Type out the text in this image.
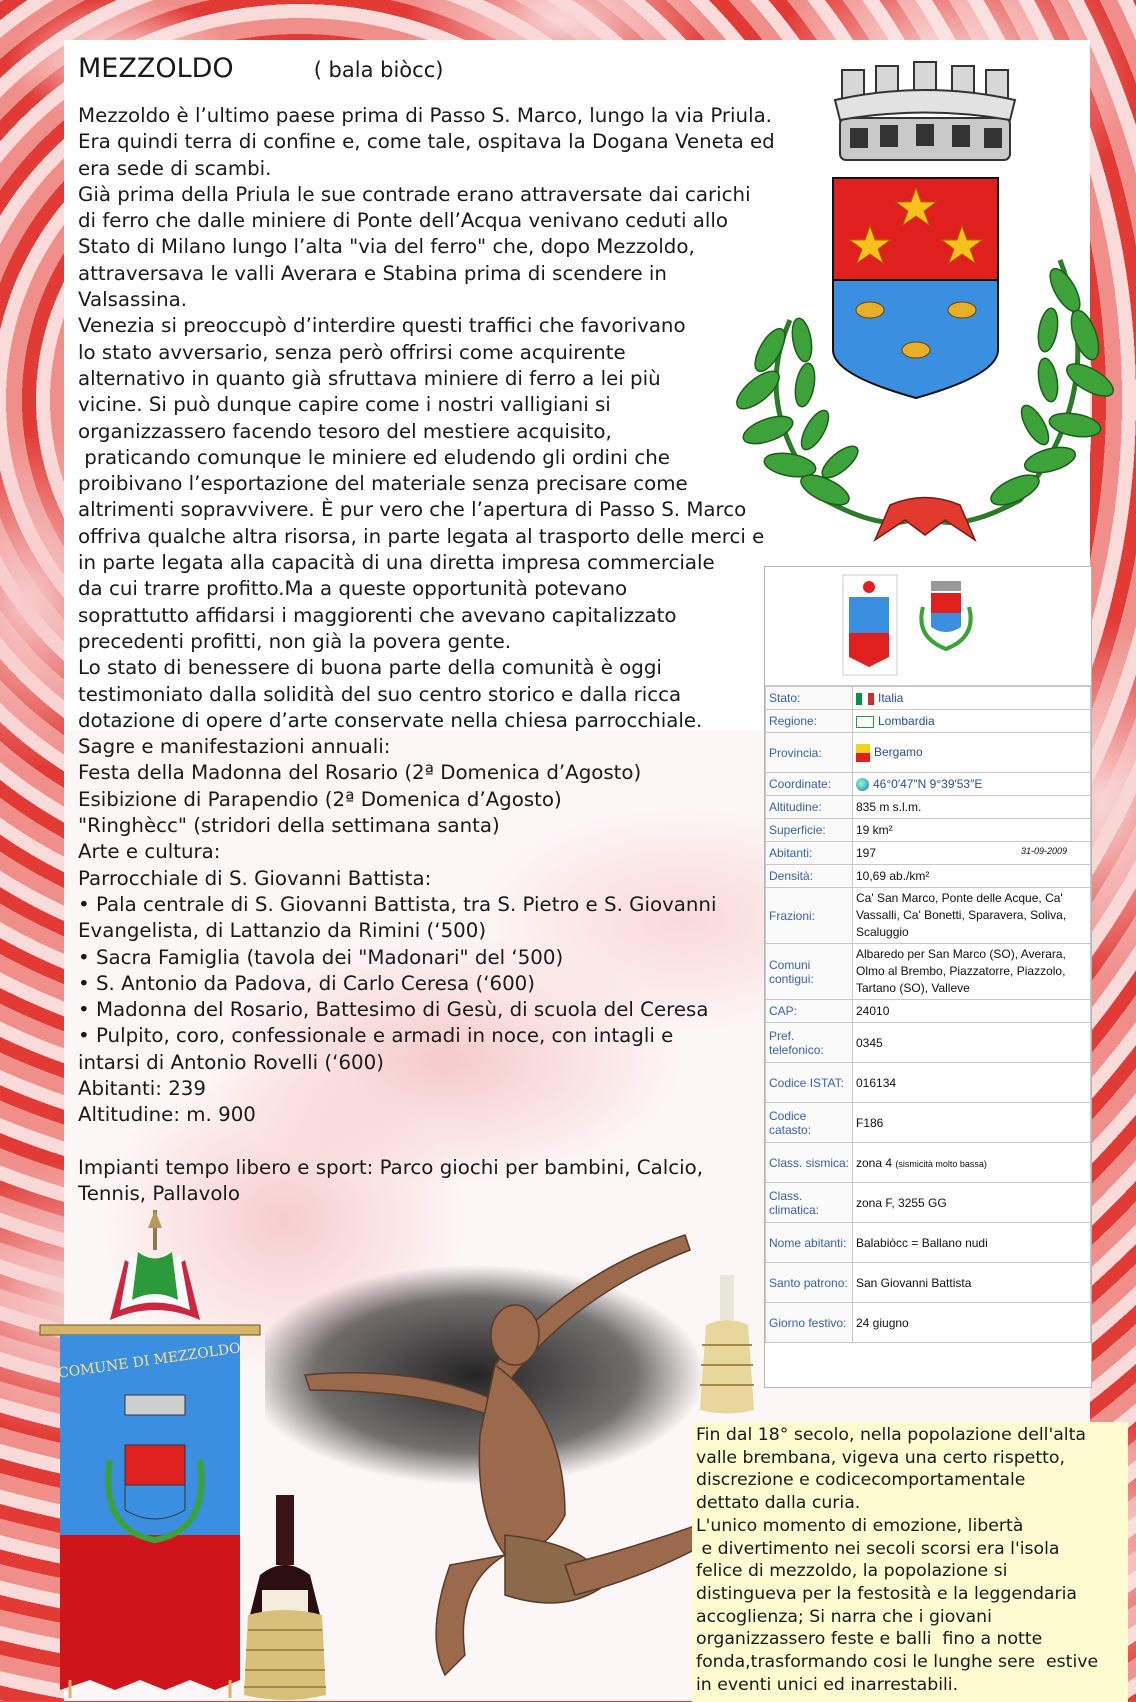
MEZZOLDO	( bala biòcc)

Mezzoldo è l’ultimo paese prima di Passo S. Marco, lungo la via Priula.
Era quindi terra di confine e, come tale, ospitava la Dogana Veneta ed
era sede di scambi.
Già prima della Priula le sue contrade erano attraversate dai carichi
di ferro che dalle miniere di Ponte dell’Acqua venivano ceduti allo
Stato di Milano lungo l’alta "via del ferro" che, dopo Mezzoldo,
attraversava le valli Averara e Stabina prima di scendere in
Valsassina.
Venezia si preoccupò d’interdire questi traffici che favorivano
lo stato avversario, senza però offrirsi come acquirente
alternativo in quanto già sfruttava miniere di ferro a lei più
vicine. Si può dunque capire come i nostri valligiani si
organizzassero facendo tesoro del mestiere acquisito,
praticando comunque le miniere ed eludendo gli ordini che
proibivano l’esportazione del materiale senza precisare come
altrimenti sopravvivere. È pur vero che l’apertura di Passo S. Marco
offriva qualche altra risorsa, in parte legata al trasporto delle merci e
in parte legata alla capacità di una diretta impresa commerciale
da cui trarre profitto.Ma a queste opportunità potevano
soprattutto affidarsi i maggiorenti che avevano capitalizzato
precedenti profitti, non già la povera gente.
Lo stato di benessere di buona parte della comunità è oggi
testimoniato dalla solidità del suo centro storico e dalla ricca
dotazione di opere d’arte conservate nella chiesa parrocchiale.
Sagre e manifestazioni annuali:
Festa della Madonna del Rosario (2ª Domenica d’Agosto)
Esibizione di Parapendio (2ª Domenica d’Agosto)
"Ringhècc" (stridori della settimana santa)
Arte e cultura:
Parrocchiale di S. Giovanni Battista:
• Pala centrale di S. Giovanni Battista, tra S. Pietro e S. Giovanni
Evangelista, di Lattanzio da Rimini (‘500)
• Sacra Famiglia (tavola dei "Madonari" del ‘500)
• S. Antonio da Padova, di Carlo Ceresa (‘600)
• Madonna del Rosario, Battesimo di Gesù, di scuola del Ceresa
• Pulpito, coro, confessionale e armadi in noce, con intagli e
intarsi di Antonio Rovelli (‘600)
Abitanti: 239
Altitudine: m. 900

Impianti tempo libero e sport: Parco giochi per bambini, Calcio,
Tennis, Pallavolo

Stato:	Italia
Regione:	Lombardia
Provincia:	Bergamo
Coordinate:	46°0′47″N 9°39′53″E
Altitudine:	835 m s.l.m.
Superficie:	19 km²
Abitanti:	197 31-09-2009

Densità:	10,69 ab./km²
Frazioni:	Ca' San Marco, Ponte delle Acque, Ca' Vassalli, Ca' Bonetti, Sparavera, Soliva, Scaluggio
Comuni contigui:	Albaredo per San Marco (SO), Averara, Olmo al Brembo, Piazzatorre, Piazzolo, Tartano (SO), Valleve
CAP:	24010
Pref. telefonico:	0345
Codice ISTAT:	016134
Codice catasto:	F186
Class. sismica:	zona 4 (sismicità molto bassa)
Class. climatica:	zona F, 3255 GG
Nome abitanti:	Balabiòcc = Ballano nudi
Santo patrono:	San Giovanni Battista
Giorno festivo:	24 giugno
COMUNE DI MEZZOLDO

Fin dal 18° secolo, nella popolazione dell'alta
valle brembana, vigeva una certo rispetto,
discrezione e codicecomportamentale
dettato dalla curia.
L'unico momento di emozione, libertà
e divertimento nei secoli scorsi era l'isola
felice di mezzoldo, la popolazione si
distingueva per la festosità e la leggendaria
accoglienza; Si narra che i giovani
organizzassero feste e balli  fino a notte
fonda,trasformando cosi le lunghe sere  estive
in eventi unici ed inarrestabili.
